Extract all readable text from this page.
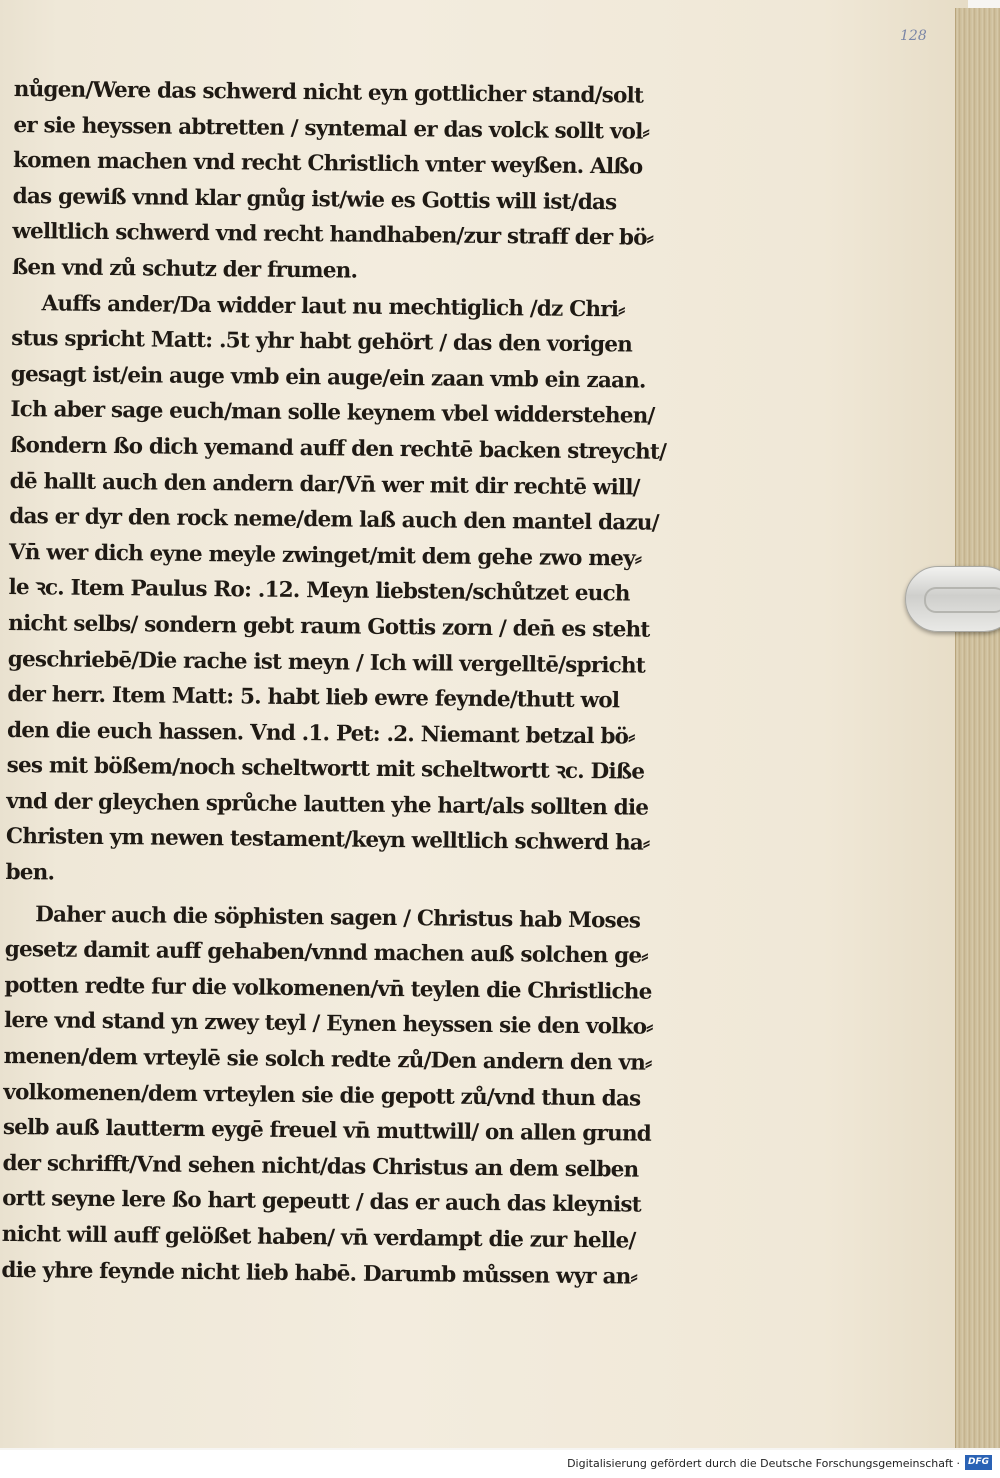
128
nůgen/Were das schwerd nicht eyn gottlicher stand/solt
er sie heyssen abtretten / syntemal er das volck sollt vol⸗
komen machen vnd recht Christlich vnter weyßen. Alßo
das gewiß vnnd klar gnůg ist/wie es Gottis will ist/das
welltlich schwerd vnd recht handhaben/zur straff der bö⸗
ßen vnd zů schutz der frumen.
Auffs ander/Da widder laut nu mechtiglich /dz Chri⸗
stus spricht Matt: .5t yhr habt gehört / das den vorigen
gesagt ist/ein auge vmb ein auge/ein zaan vmb ein zaan.
Ich aber sage euch/man solle keynem vbel widderstehen/
ßondern ßo dich yemand auff den rechtē backen streycht/
dē hallt auch den andern dar/Vn̄ wer mit dir rechtē will/
das er dyr den rock neme/dem laß auch den mantel dazu/
Vn̄ wer dich eyne meyle zwinget/mit dem gehe zwo mey⸗
le ꝛc. Item Paulus Ro: .12. Meyn liebsten/schůtzet euch
nicht selbs/ sondern gebt raum Gottis zorn / den̄ es steht
geschriebē/Die rache ist meyn / Ich will vergelltē/spricht
der herr. Item Matt: 5. habt lieb ewre feynde/thutt wol
den die euch hassen. Vnd .1. Pet: .2. Niemant betzal bö⸗
ses mit bößem/noch scheltwortt mit scheltwortt ꝛc. Diße
vnd der gleychen sprůche lautten yhe hart/als sollten die
Christen ym newen testament/keyn welltlich schwerd ha⸗
ben.
Daher auch die söphisten sagen / Christus hab Moses
gesetz damit auff gehaben/vnnd machen auß solchen ge⸗
potten redte fur die volkomenen/vn̄ teylen die Christliche
lere vnd stand yn zwey teyl / Eynen heyssen sie den volko⸗
menen/dem vrteylē sie solch redte zů/Den andern den vn⸗
volkomenen/dem vrteylen sie die gepott zů/vnd thun das
selb auß lautterm eygē freuel vn̄ muttwill/ on allen grund
der schrifft/Vnd sehen nicht/das Christus an dem selben
ortt seyne lere ßo hart gepeutt / das er auch das kleynist
nicht will auff gelößet haben/ vn̄ verdampt die zur helle/
die yhre feynde nicht lieb habē. Darumb můssen wyr an⸗
Digitalisierung gefördert durch die Deutsche Forschungsgemeinschaft · DFG
